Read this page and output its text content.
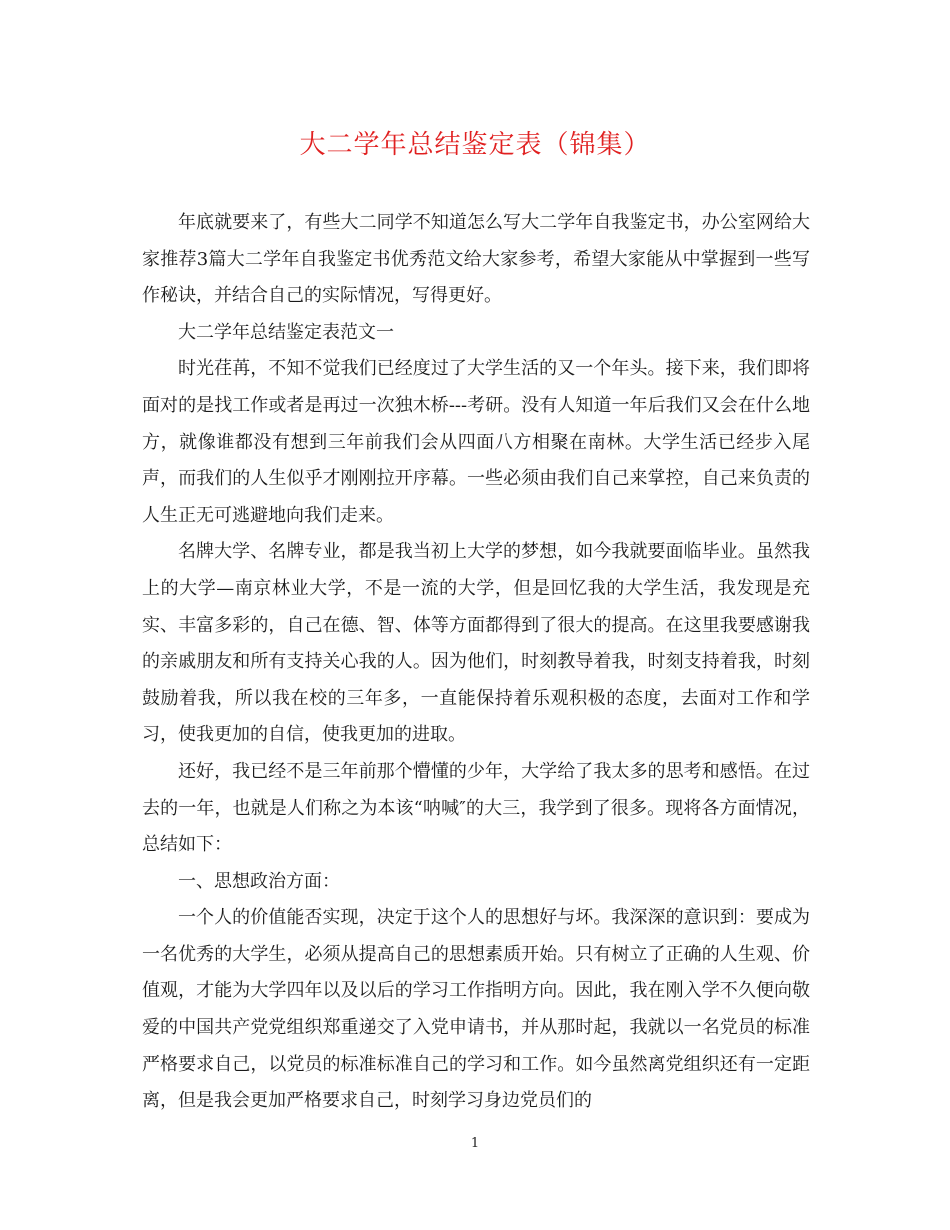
大二学年总结鉴定表（锦集）

年底就要来了，有些大二同学不知道怎么写大二学年自我鉴定书，办公室网给大家推荐3篇大二学年自我鉴定书优秀范文给大家参考，希望大家能从中掌握到一些写作秘诀，并结合自己的实际情况，写得更好。

大二学年总结鉴定表范文一

时光荏苒，不知不觉我们已经度过了大学生活的又一个年头。接下来，我们即将面对的是找工作或者是再过一次独木桥---考研。没有人知道一年后我们又会在什么地方，就像谁都没有想到三年前我们会从四面八方相聚在南林。大学生活已经步入尾声，而我们的人生似乎才刚刚拉开序幕。一些必须由我们自己来掌控，自己来负责的人生正无可逃避地向我们走来。

名牌大学、名牌专业，都是我当初上大学的梦想，如今我就要面临毕业。虽然我上的大学—南京林业大学，不是一流的大学，但是回忆我的大学生活，我发现是充实、丰富多彩的，自己在德、智、体等方面都得到了很大的提高。在这里我要感谢我的亲戚朋友和所有支持关心我的人。因为他们，时刻教导着我，时刻支持着我，时刻鼓励着我，所以我在校的三年多，一直能保持着乐观积极的态度，去面对工作和学习，使我更加的自信，使我更加的进取。

还好，我已经不是三年前那个懵懂的少年，大学给了我太多的思考和感悟。在过去的一年，也就是人们称之为本该“呐喊″的大三，我学到了很多。现将各方面情况，总结如下：

一、思想政治方面：

一个人的价值能否实现，决定于这个人的思想好与坏。我深深的意识到：要成为一名优秀的大学生，必须从提高自己的思想素质开始。只有树立了正确的人生观、价值观，才能为大学四年以及以后的学习工作指明方向。因此，我在刚入学不久便向敬爱的中国共产党党组织郑重递交了入党申请书，并从那时起，我就以一名党员的标准严格要求自己，以党员的标准标准自己的学习和工作。如今虽然离党组织还有一定距离，但是我会更加严格要求自己，时刻学习身边党员们的

1
